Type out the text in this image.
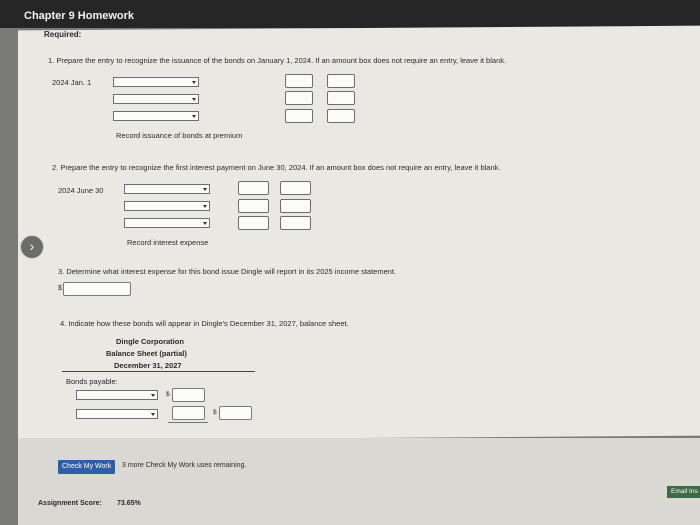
Chapter 9 Homework
Required:
1. Prepare the entry to recognize the issuance of the bonds on January 1, 2024. If an amount box does not require an entry, leave it blank.
2024 Jan. 1
Record issuance of bonds at premium
2. Prepare the entry to recognize the first interest payment on June 30, 2024. If an amount box does not require an entry, leave it blank.
2024 June 30
Record interest expense
›
3. Determine what interest expense for this bond issue Dingle will report in its 2025 income statement.
$
4. Indicate how these bonds will appear in Dingle's December 31, 2027, balance sheet.
Dingle Corporation
Balance Sheet (partial)
December 31, 2027
Bonds payable:
$
$
Check My Work	3 more Check My Work uses remaining.
Assignment Score: 73.65%
Email Ins
